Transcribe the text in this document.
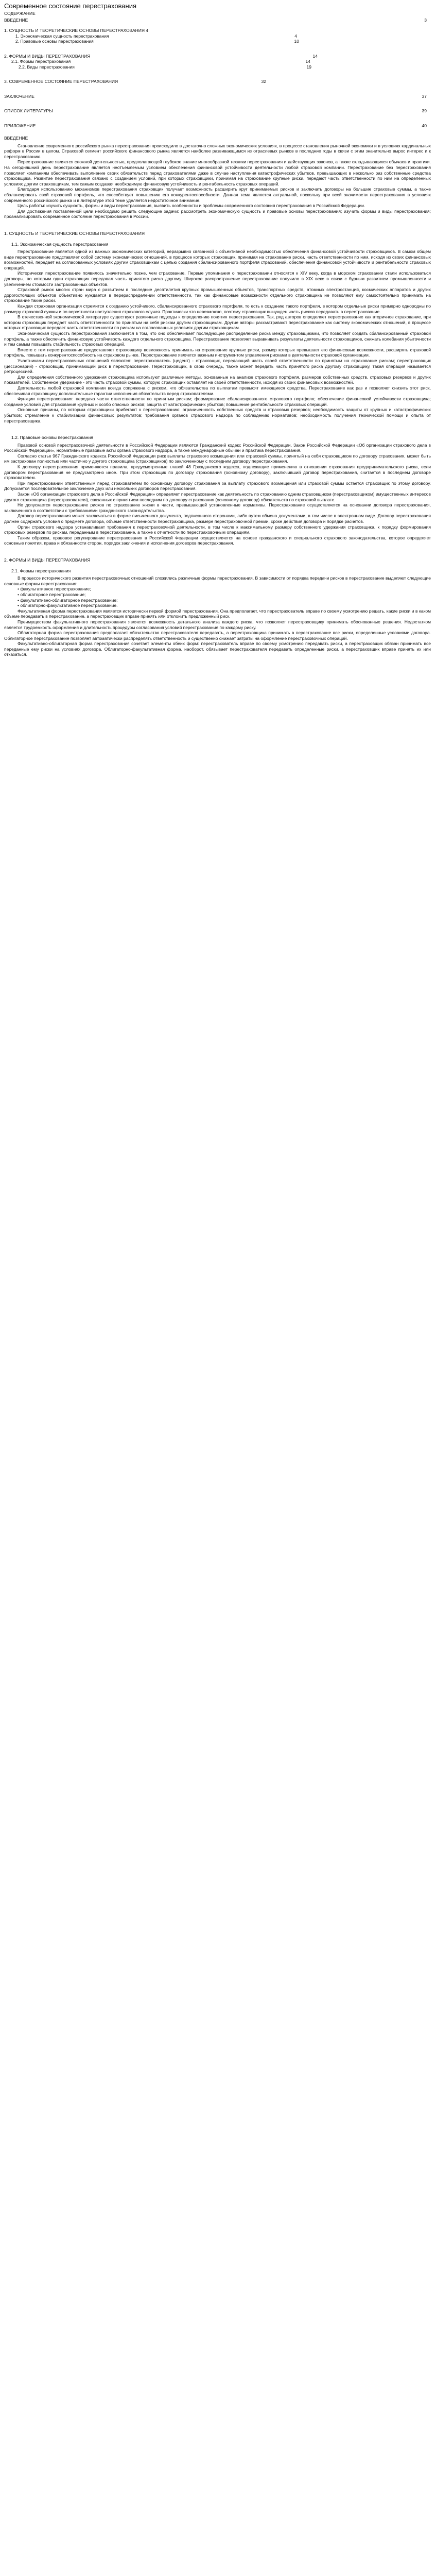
Современное состояние перестрахования
СОДЕРЖАНИЕ
ВВЕДЕНИЕ	3
1. СУЩНОСТЬ И ТЕОРЕТИЧЕСКИЕ ОСНОВЫ ПЕРЕСТРАХОВАНИЯ 4
1. Экономическая сущность перестрахования	4
2. Правовые основы перестрахования	10
2. ФОРМЫ И ВИДЫ ПЕРЕСТРАХОВАНИЯ	14
2.1. Формы перестрахования	14
2.2. Виды перестрахования	19
3. СОВРЕМЕННОЕ СОСТОЯНИЕ ПЕРЕСТРАХОВАНИЯ	32
ЗАКЛЮЧЕНИЕ	37
СПИСОК ЛИТЕРАТУРЫ	39
ПРИЛОЖЕНИЕ	40
ВВЕДЕНИЕ

Становление современного российского рынка перестрахования происходило в достаточно сложных экономических условиях, в процессе становления рыночной экономики и в условиях кардинальных реформ в России в целом. Страховой сегмент российского финансового рынка является наиболее развивающимся из отраслевых рынков в последние годы в связи с этим значительно вырос интерес и к перестрахованию.

Перестрахование является сложной деятельностью, предполагающей глубокое знание многообразной техники перестрахования и действующих законов, а также складывающихся обычаев и практики. На сегодняшний день перестрахование является неотъемлемым условием обеспечения финансовой устойчивости деятельности любой страховой компании. Перестрахование без перестрахования позволяет компаниям обеспечивать выполнение своих обязательств перед страхователями даже в случае наступления катастрофических убытков, превышающих в несколько раз собственные средства страховщика. Развитие перестрахования связано с созданием условий, при которых страховщики, принимая на страхование крупные риски, передают часть ответственности по ним на определенных условиях другим страховщикам, тем самым создавая необходимую финансовую устойчивость и рентабельность страховых операций.

Благодаря использованию механизмов перестрахования страховщик получает возможность расширить круг принимаемых рисков и заключать договоры на большие страховые суммы, а также сбалансировать свой страховой портфель, что способствует повышению его конкурентоспособности. Данная тема является актуальной, поскольку при всей значимости перестрахования в условиях современного российского рынка и в литературе этой теме уделяется недостаточное внимание.

Цель работы: изучить сущность, формы и виды перестрахования, выявить особенности и проблемы современного состояния перестрахования в Российской Федерации.

Для достижения поставленной цели необходимо решить следующие задачи: рассмотреть экономическую сущность и правовые основы перестрахования; изучить формы и виды перестрахования; проанализировать современное состояние перестрахования в России.

1. СУЩНОСТЬ И ТЕОРЕТИЧЕСКИЕ ОСНОВЫ ПЕРЕСТРАХОВАНИЯ
1.1. Экономическая сущность перестрахования

Перестрахование является одной из важных экономических категорий, неразрывно связанной с объективной необходимостью обеспечения финансовой устойчивости страховщиков. В самом общем виде перестрахование представляет собой систему экономических отношений, в процессе которых страховщик, принимая на страхование риски, часть ответственности по ним, исходя из своих финансовых возможностей, передает на согласованных условиях другим страховщикам с целью создания сбалансированного портфеля страхований, обеспечения финансовой устойчивости и рентабельности страховых операций.

Исторически перестрахование появилось значительно позже, чем страхование. Первые упоминания о перестраховании относятся к XIV веку, когда в морском страховании стали использоваться договоры, по которым один страховщик передавал часть принятого риска другому. Широкое распространение перестрахование получило в XIX веке в связи с бурным развитием промышленности и увеличением стоимости застрахованных объектов.

Страховой рынок многих стран мира с развитием в последние десятилетия крупных промышленных объектов, транспортных средств, атомных электростанций, космических аппаратов и других дорогостоящих объектов объективно нуждается в перераспределении ответственности, так как финансовые возможности отдельного страховщика не позволяют ему самостоятельно принимать на страхование такие риски.

Каждая страховая организация стремится к созданию устойчивого, сбалансированного страхового портфеля, то есть к созданию такого портфеля, в котором отдельные риски примерно однородны по размеру страховой суммы и по вероятности наступления страхового случая. Практически это невозможно, поэтому страховщик вынужден часть рисков передавать в перестрахование.

В отечественной экономической литературе существуют различные подходы к определению понятия перестрахования. Так, ряд авторов определяет перестрахование как вторичное страхование, при котором страховщик передает часть ответственности по принятым на себя рискам другим страховщикам. Другие авторы рассматривают перестрахование как систему экономических отношений, в процессе которых страховщик передает часть ответственности по рискам на согласованных условиях другим страховщикам.

Экономическая сущность перестрахования заключается в том, что оно обеспечивает последующее распределение риска между страховщиками, что позволяет создать сбалансированный страховой портфель, а также обеспечить финансовую устойчивость каждого отдельного страховщика. Перестрахование позволяет выравнивать результаты деятельности страховщиков, снижать колебания убыточности и тем самым повышать стабильность страховых операций.

Вместе с тем перестрахование предоставляет страховщику возможность принимать на страхование крупные риски, размер которых превышает его финансовые возможности, расширять страховой портфель, повышать конкурентоспособность на страховом рынке. Перестрахование является важным инструментом управления рисками в деятельности страховой организации.

Участниками перестраховочных отношений являются: перестрахователь (цедент) - страховщик, передающий часть своей ответственности по принятым на страхование рискам; перестраховщик (цессионарий) - страховщик, принимающий риск в перестрахование. Перестраховщик, в свою очередь, также может передать часть принятого риска другому страховщику, такая операция называется ретроцессией.

Для определения собственного удержания страховщика используют различные методы, основанные на анализе страхового портфеля, размеров собственных средств, страховых резервов и других показателей. Собственное удержание - это часть страховой суммы, которую страховщик оставляет на своей ответственности, исходя из своих финансовых возможностей.

Деятельность любой страховой компании всегда сопряжена с риском, что обязательства по выплатам превысят имеющиеся средства. Перестрахование как раз и позволяет снизить этот риск, обеспечивая страховщику дополнительные гарантии исполнения обязательств перед страхователями.

Функции перестрахования: передача части ответственности по принятым рискам; формирование сбалансированного страхового портфеля; обеспечение финансовой устойчивости страховщика; создание условий для страхования крупных и особо опасных рисков; защита от катастрофических убытков; повышение рентабельности страховых операций.

Основные причины, по которым страховщики прибегают к перестрахованию: ограниченность собственных средств и страховых резервов; необходимость защиты от крупных и катастрофических убытков; стремление к стабилизации финансовых результатов; требования органов страхового надзора по соблюдению нормативов; необходимость получения технической помощи и опыта от перестраховщика.

1.2. Правовые основы перестрахования

Правовой основой перестраховочной деятельности в Российской Федерации являются Гражданский кодекс Российской Федерации, Закон Российской Федерации «Об организации страхового дела в Российской Федерации», нормативные правовые акты органа страхового надзора, а также международные обычаи и практика перестрахования.

Согласно статье 967 Гражданского кодекса Российской Федерации риск выплаты страхового возмещения или страховой суммы, принятый на себя страховщиком по договору страхования, может быть им застрахован полностью или частично у другого страховщика (страховщиков) по заключенному с последним договору перестрахования.

К договору перестрахования применяются правила, предусмотренные главой 48 Гражданского кодекса, подлежащие применению в отношении страхования предпринимательского риска, если договором перестрахования не предусмотрено иное. При этом страховщик по договору страхования (основному договору), заключивший договор перестрахования, считается в последнем договоре страхователем.

При перестраховании ответственным перед страхователем по основному договору страхования за выплату страхового возмещения или страховой суммы остается страховщик по этому договору. Допускается последовательное заключение двух или нескольких договоров перестрахования.

Закон «Об организации страхового дела в Российской Федерации» определяет перестрахование как деятельность по страхованию одним страховщиком (перестраховщиком) имущественных интересов другого страховщика (перестрахователя), связанных с принятием последним по договору страхования (основному договору) обязательств по страховой выплате.

Не допускается перестрахование рисков по страхованию жизни в части, превышающей установленные нормативы. Перестрахование осуществляется на основании договора перестрахования, заключенного в соответствии с требованиями гражданского законодательства.

Договор перестрахования может заключаться в форме письменного документа, подписанного сторонами, либо путем обмена документами, в том числе в электронном виде. Договор перестрахования должен содержать условия о предмете договора, объеме ответственности перестраховщика, размере перестраховочной премии, сроке действия договора и порядке расчетов.

Орган страхового надзора устанавливает требования к перестраховочной деятельности, в том числе к максимальному размеру собственного удержания страховщика, к порядку формирования страховых резервов по рискам, переданным в перестрахование, а также к отчетности по перестраховочным операциям.

Таким образом, правовое регулирование перестрахования в Российской Федерации осуществляется на основе гражданского и специального страхового законодательства, которое определяет основные понятия, права и обязанности сторон, порядок заключения и исполнения договоров перестрахования.

2. ФОРМЫ И ВИДЫ ПЕРЕСТРАХОВАНИЯ
2.1. Формы перестрахования

В процессе исторического развития перестраховочных отношений сложились различные формы перестрахования. В зависимости от порядка передачи рисков в перестрахование выделяют следующие основные формы перестрахования:

• факультативное перестрахование;

• облигаторное перестрахование;

• факультативно-облигаторное перестрахование;

• облигаторно-факультативное перестрахование.

Факультативная форма перестрахования является исторически первой формой перестрахования. Она предполагает, что перестрахователь вправе по своему усмотрению решать, какие риски и в каком объеме передавать в перестрахование, а перестраховщик вправе принять или отклонить предложенный риск.

Преимуществом факультативного перестрахования является возможность детального анализа каждого риска, что позволяет перестраховщику принимать обоснованные решения. Недостатком является трудоемкость оформления и длительность процедуры согласования условий перестрахования по каждому риску.

Облигаторная форма перестрахования предполагает обязательство перестрахователя передавать, а перестраховщика принимать в перестрахование все риски, определенные условиями договора. Облигаторное перестрахование позволяет автоматически распределять ответственность и существенно снижает затраты на оформление перестраховочных операций.

Факультативно-облигаторная форма перестрахования сочетает элементы обеих форм: перестрахователь вправе по своему усмотрению передавать риски, а перестраховщик обязан принимать все переданные ему риски на условиях договора. Облигаторно-факультативная форма, наоборот, обязывает перестрахователя передавать определенные риски, а перестраховщик вправе принять их или отказаться.
